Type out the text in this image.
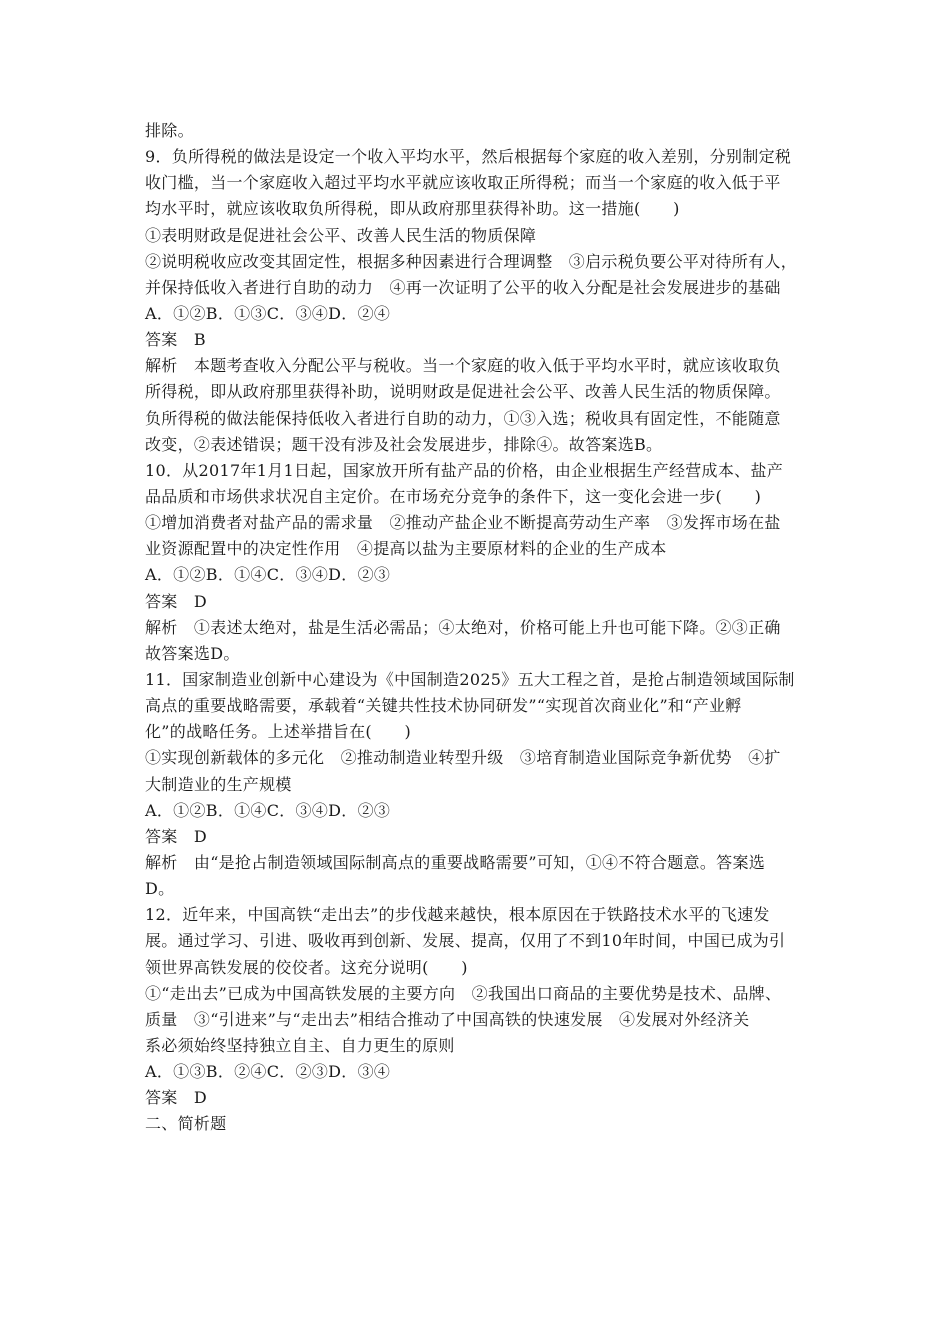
排除。
9．负所得税的做法是设定一个收入平均水平，然后根据每个家庭的收入差别，分别制定税
收门槛，当一个家庭收入超过平均水平就应该收取正所得税；而当一个家庭的收入低于平
均水平时，就应该收取负所得税，即从政府那里获得补助。这一措施(　　)
①表明财政是促进社会公平、改善人民生活的物质保障
②说明税收应改变其固定性，根据多种因素进行合理调整　③启示税负要公平对待所有人，
并保持低收入者进行自助的动力　④再一次证明了公平的收入分配是社会发展进步的基础
A．①②B．①③C．③④D．②④
答案　B
解析　本题考查收入分配公平与税收。当一个家庭的收入低于平均水平时，就应该收取负
所得税，即从政府那里获得补助，说明财政是促进社会公平、改善人民生活的物质保障。
负所得税的做法能保持低收入者进行自助的动力，①③入选；税收具有固定性，不能随意
改变，②表述错误；题干没有涉及社会发展进步，排除④。故答案选B。
10．从2017年1月1日起，国家放开所有盐产品的价格，由企业根据生产经营成本、盐产
品品质和市场供求状况自主定价。在市场充分竞争的条件下，这一变化会进一步(　　)
①增加消费者对盐产品的需求量　②推动产盐企业不断提高劳动生产率　③发挥市场在盐
业资源配置中的决定性作用　④提高以盐为主要原材料的企业的生产成本
A．①②B．①④C．③④D．②③
答案　D
解析　①表述太绝对，盐是生活必需品；④太绝对，价格可能上升也可能下降。②③正确
故答案选D。
11．国家制造业创新中心建设为《中国制造2025》五大工程之首，是抢占制造领域国际制
高点的重要战略需要，承载着“关键共性技术协同研发”“实现首次商业化”和“产业孵
化”的战略任务。上述举措旨在(　　)
①实现创新载体的多元化　②推动制造业转型升级　③培育制造业国际竞争新优势　④扩
大制造业的生产规模
A．①②B．①④C．③④D．②③
答案　D
解析　由“是抢占制造领域国际制高点的重要战略需要”可知，①④不符合题意。答案选
D。
12．近年来，中国高铁“走出去”的步伐越来越快，根本原因在于铁路技术水平的飞速发
展。通过学习、引进、吸收再到创新、发展、提高，仅用了不到10年时间，中国已成为引
领世界高铁发展的佼佼者。这充分说明(　　)
①“走出去”已成为中国高铁发展的主要方向　②我国出口商品的主要优势是技术、品牌、
质量　③“引进来”与“走出去”相结合推动了中国高铁的快速发展　④发展对外经济关
系必须始终坚持独立自主、自力更生的原则
A．①③B．②④C．②③D．③④
答案　D
二、简析题
